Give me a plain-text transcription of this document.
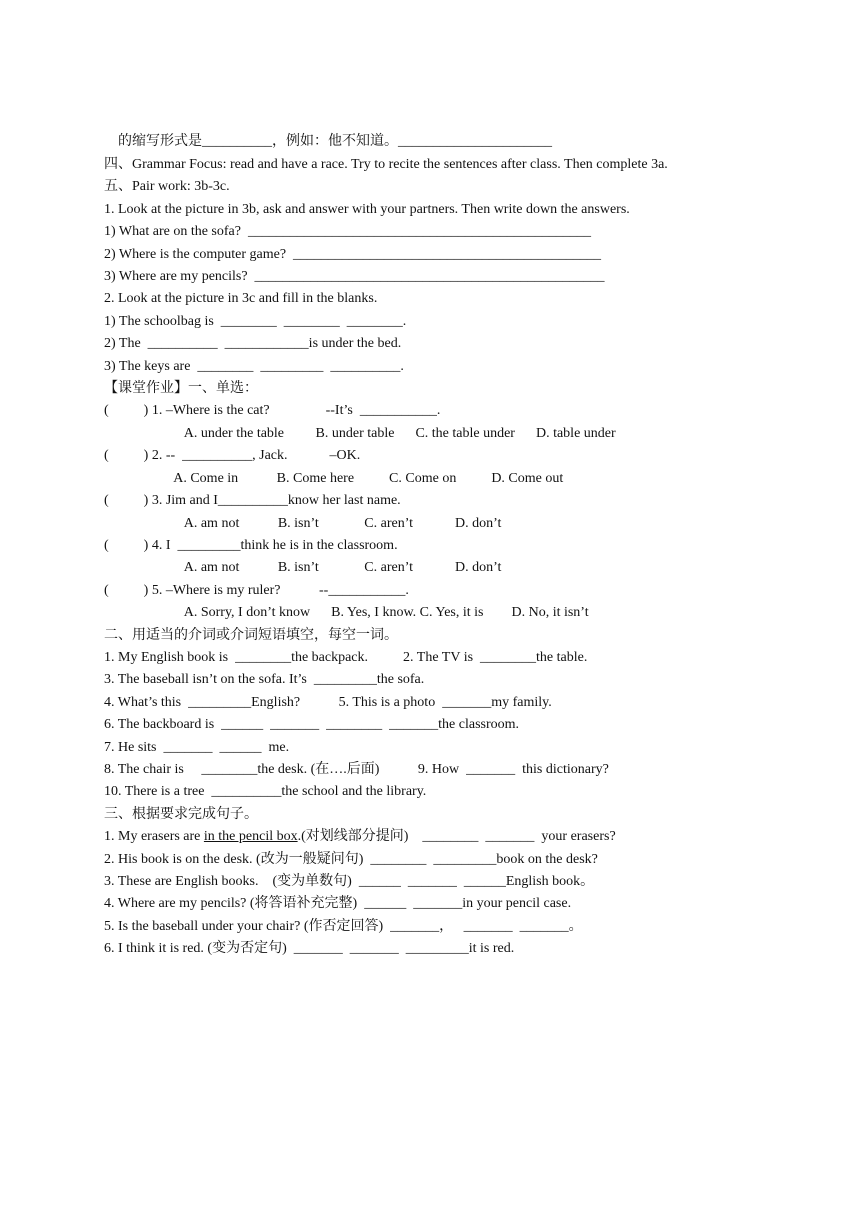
的缩写形式是__________，例如：他不知道。______________________
四、Grammar Focus: read and have a race. Try to recite the sentences after class. Then complete 3a.
五、Pair work: 3b-3c.
1. Look at the picture in 3b, ask and answer with your partners. Then write down the answers.
1) What are on the sofa?  _________________________________________________
2) Where is the computer game?  ____________________________________________
3) Where are my pencils?  __________________________________________________
2. Look at the picture in 3c and fill in the blanks.
1) The schoolbag is  ________  ________  ________.
2) The  __________  ____________is under the bed.
3) The keys are  ________  _________  __________.
【课堂作业】一、单选：
(          ) 1. –Where is the cat?                --It’s  ___________.
A. under the table         B. under table      C. the table under      D. table under
(          ) 2. --  __________, Jack.            –OK.
A. Come in           B. Come here          C. Come on          D. Come out
(          ) 3. Jim and I__________know her last name.
A. am not           B. isn’t             C. aren’t            D. don’t
(          ) 4. I  _________think he is in the classroom.
A. am not           B. isn’t             C. aren’t            D. don’t
(          ) 5. –Where is my ruler?           --___________.
A. Sorry, I don’t know      B. Yes, I know. C. Yes, it is        D. No, it isn’t
二、用适当的介词或介词短语填空，每空一词。
1. My English book is  ________the backpack.          2. The TV is  ________the table.
3. The baseball isn’t on the sofa. It’s  _________the sofa.
4. What’s this  _________English?           5. This is a photo  _______my family.
6. The backboard is  ______  _______  ________  _______the classroom.
7. He sits  _______  ______  me.
8. The chair is     ________the desk. (在….后面)           9. How  _______  this dictionary?
10. There is a tree  __________the school and the library.
三、根据要求完成句子。
1. My erasers are in the pencil box.(对划线部分提问)    ________  _______  your erasers?
2. His book is on the desk. (改为一般疑问句)  ________  _________book on the desk?
3. These are English books.    (变为单数句)  ______  _______  ______English book。
4. Where are my pencils? (将答语补充完整)  ______  _______in your pencil case.
5. Is the baseball under your chair? (作否定回答)  _______，   _______  _______。
6. I think it is red. (变为否定句)  _______  _______  _________it is red.
